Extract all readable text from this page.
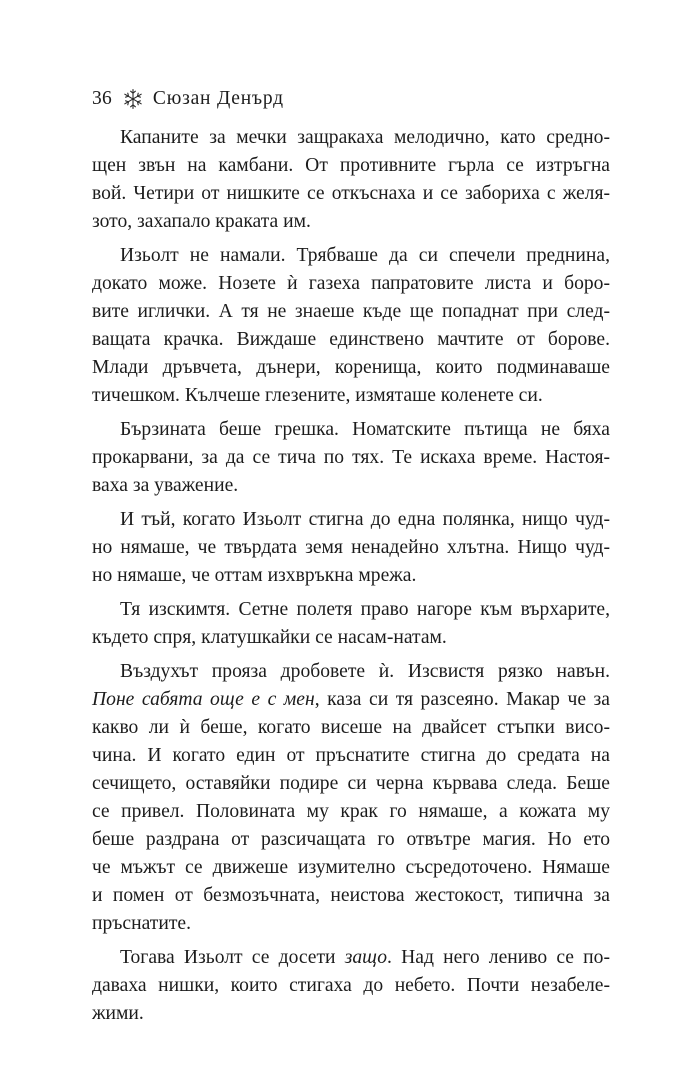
36 Сюзан Денърд
Капаните за мечки защракаха мелодично, като средно-
щен звън на камбани. От противните гърла се изтръгна
вой. Четири от нишките се откъснаха и се забориха с желя-
зото, захапало краката им.
Изьолт не намали. Трябваше да си спечели преднина,
докато може. Нозете ѝ газеха папратовите листа и боро-
вите иглички. А тя не знаеше къде ще попаднат при след-
ващата крачка. Виждаше единствено мачтите от борове.
Млади дръвчета, дънери, коренища, които подминаваше
тичешком. Кълчеше глезените, измяташе коленете си.
Бързината беше грешка. Номатските пътища не бяха
прокарвани, за да се тича по тях. Те искаха време. Настоя-
ваха за уважение.
И тъй, когато Изьолт стигна до една полянка, нищо чуд-
но нямаше, че твърдата земя ненадейно хлътна. Нищо чуд-
но нямаше, че оттам изхвръкна мрежа.
Тя изскимтя. Сетне полетя право нагоре към върхарите,
където спря, клатушкайки се насам-натам.
Въздухът прояза дробовете ѝ. Изсвистя рязко навън.
Поне сабята още е с мен, каза си тя разсеяно. Макар че за
какво ли ѝ беше, когато висеше на двайсет стъпки висо-
чина. И когато един от пръснатите стигна до средата на
сечището, оставяйки подире си черна кървава следа. Беше
се привел. Половината му крак го нямаше, а кожата му
беше раздрана от разсичащата го отвътре магия. Но ето
че мъжът се движеше изумително съсредоточено. Нямаше
и помен от безмозъчната, неистова жестокост, типична за
пръснатите.
Тогава Изьолт се досети защо. Над него лениво се по-
даваха нишки, които стигаха до небето. Почти незабеле-
жими.
